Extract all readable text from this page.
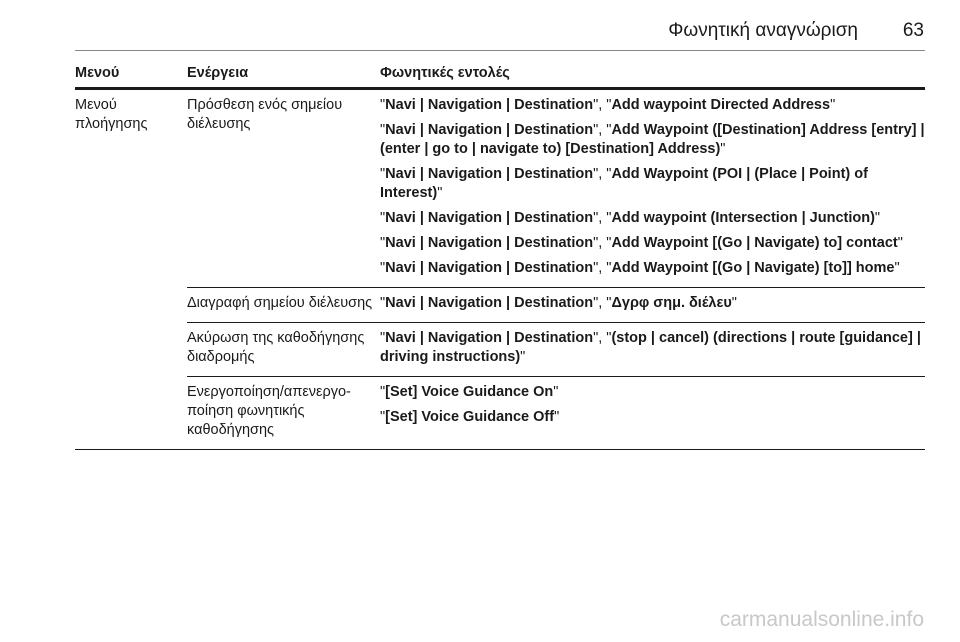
Φωνητική αναγνώριση 63
Μενού	Ενέργεια	Φωνητικές εντολές
Μενού πλοήγησης
Πρόσθεση ενός σημείου διέλευσης
"Navi | Navigation | Destination", "Add waypoint Directed Address"
"Navi | Navigation | Destination", "Add Waypoint ([Destination] Address [entry] | (enter | go to | navigate to) [Destination] Address)"
"Navi | Navigation | Destination", "Add Waypoint (POI | (Place | Point) of Interest)"
"Navi | Navigation | Destination", "Add waypoint (Intersection | Junction)"
"Navi | Navigation | Destination", "Add Waypoint [(Go | Navigate) to] contact"
"Navi | Navigation | Destination", "Add Waypoint [(Go | Navigate) [to]] home"
Διαγραφή σημείου διέλευσης "Navi | Navigation | Destination", "Δγρφ σημ. διέλευ"
Ακύρωση της καθοδήγησης διαδρομής
"Navi | Navigation | Destination", "(stop | cancel) (directions | route [guidance] | driving instructions)"
Ενεργοποίηση/απενεργο-ποίηση φωνητικής καθοδήγησης
"[Set] Voice Guidance On"
"[Set] Voice Guidance Off"
carmanualsonline.info
